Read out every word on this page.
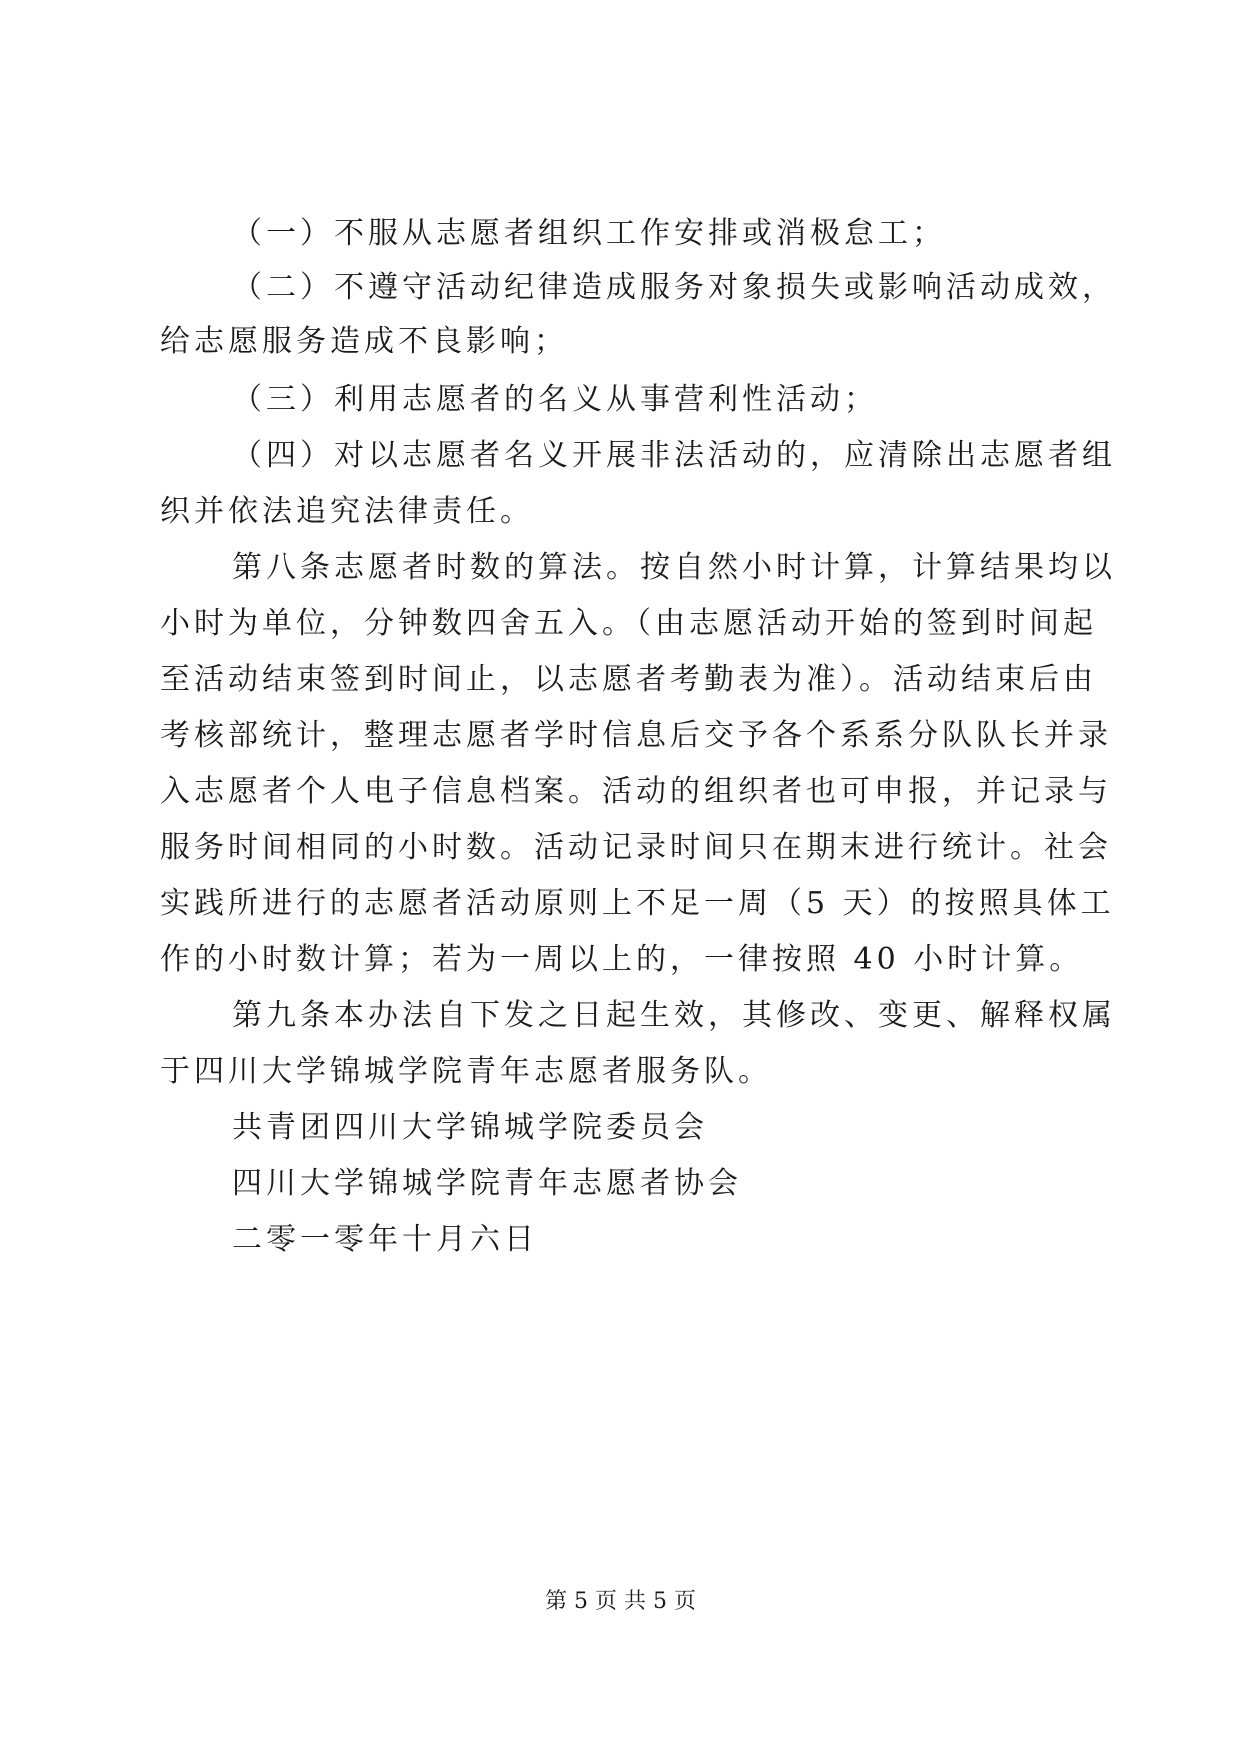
（一）不服从志愿者组织工作安排或消极怠工；
（二）不遵守活动纪律造成服务对象损失或影响活动成效，
给志愿服务造成不良影响；
（三）利用志愿者的名义从事营利性活动；
（四）对以志愿者名义开展非法活动的，应清除出志愿者组
织并依法追究法律责任。
第八条志愿者时数的算法。按自然小时计算，计算结果均以
小时为单位，分钟数四舍五入。（由志愿活动开始的签到时间起
至活动结束签到时间止，以志愿者考勤表为准）。活动结束后由
考核部统计，整理志愿者学时信息后交予各个系系分队队长并录
入志愿者个人电子信息档案。活动的组织者也可申报，并记录与
服务时间相同的小时数。活动记录时间只在期末进行统计。社会
实践所进行的志愿者活动原则上不足一周（5 天）的按照具体工
作的小时数计算；若为一周以上的，一律按照 40 小时计算。
第九条本办法自下发之日起生效，其修改、变更、解释权属
于四川大学锦城学院青年志愿者服务队。
共青团四川大学锦城学院委员会
四川大学锦城学院青年志愿者协会
二零一零年十月六日
第 5 页 共 5 页
